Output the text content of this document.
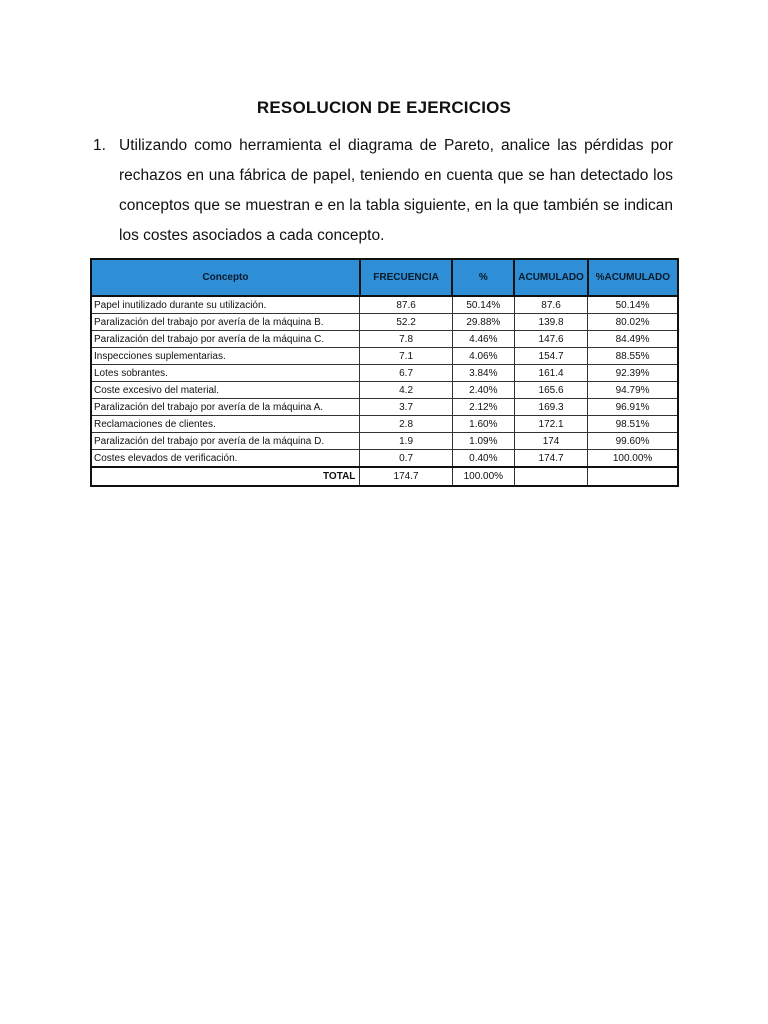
RESOLUCION DE EJERCICIOS
1. Utilizando como herramienta el diagrama de Pareto, analice las pérdidas por rechazos en una fábrica de papel, teniendo en cuenta que se han detectado los conceptos que se muestran e en la tabla siguiente, en la que también se indican los costes asociados a cada concepto.
Concepto	FRECUENCIA	%	ACUMULADO	%ACUMULADO
Papel inutilizado durante su utilización.	87.6	50.14%	87.6	50.14%
Paralización del trabajo por avería de la máquina B.	52.2	29.88%	139.8	80.02%
Paralización del trabajo por avería de la máquina C.	7.8	4.46%	147.6	84.49%
Inspecciones suplementarias.	7.1	4.06%	154.7	88.55%
Lotes sobrantes.	6.7	3.84%	161.4	92.39%
Coste excesivo del material.	4.2	2.40%	165.6	94.79%
Paralización del trabajo por avería de la máquina A.	3.7	2.12%	169.3	96.91%
Reclamaciones de clientes.	2.8	1.60%	172.1	98.51%
Paralización del trabajo por avería de la máquina D.	1.9	1.09%	174	99.60%
Costes elevados de verificación.	0.7	0.40%	174.7	100.00%
TOTAL	174.7	100.00%		
